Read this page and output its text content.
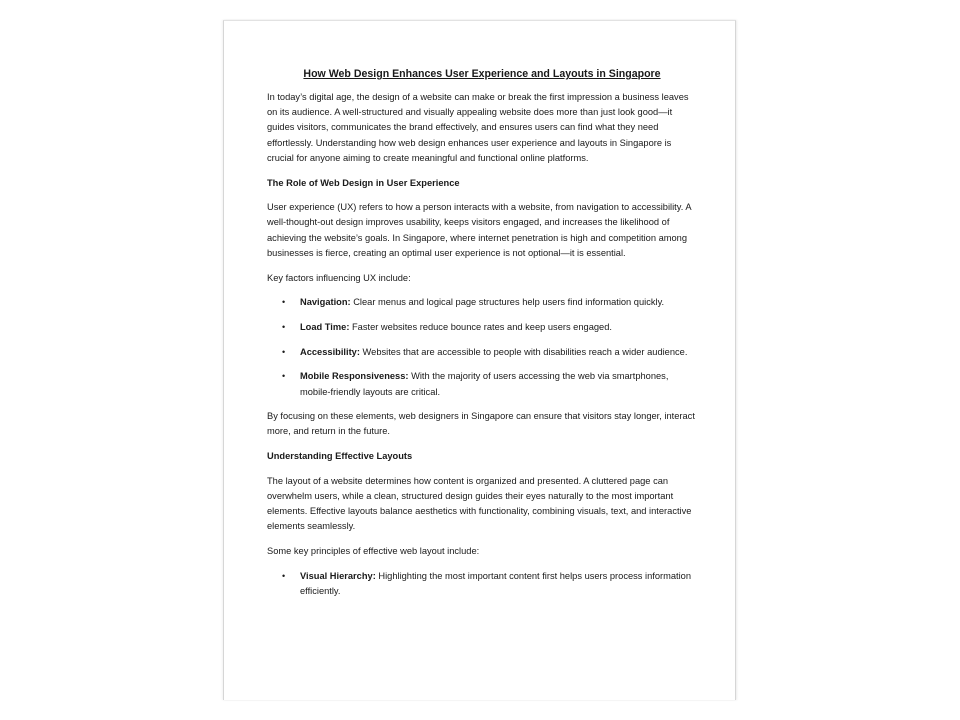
How Web Design Enhances User Experience and Layouts in Singapore

In today’s digital age, the design of a website can make or break the first impression a business leaves on its audience. A well-structured and visually appealing website does more than just look good—it guides visitors, communicates the brand effectively, and ensures users can find what they need effortlessly. Understanding how web design enhances user experience and layouts in Singapore is crucial for anyone aiming to create meaningful and functional online platforms.

The Role of Web Design in User Experience

User experience (UX) refers to how a person interacts with a website, from navigation to accessibility. A well-thought-out design improves usability, keeps visitors engaged, and increases the likelihood of achieving the website’s goals. In Singapore, where internet penetration is high and competition among businesses is fierce, creating an optimal user experience is not optional—it is essential.

Key factors influencing UX include:

• Navigation: Clear menus and logical page structures help users find information quickly.
• Load Time: Faster websites reduce bounce rates and keep users engaged.
• Accessibility: Websites that are accessible to people with disabilities reach a wider audience.
• Mobile Responsiveness: With the majority of users accessing the web via smartphones, mobile-friendly layouts are critical.

By focusing on these elements, web designers in Singapore can ensure that visitors stay longer, interact more, and return in the future.

Understanding Effective Layouts

The layout of a website determines how content is organized and presented. A cluttered page can overwhelm users, while a clean, structured design guides their eyes naturally to the most important elements. Effective layouts balance aesthetics with functionality, combining visuals, text, and interactive elements seamlessly.

Some key principles of effective web layout include:

• Visual Hierarchy: Highlighting the most important content first helps users process information efficiently.
